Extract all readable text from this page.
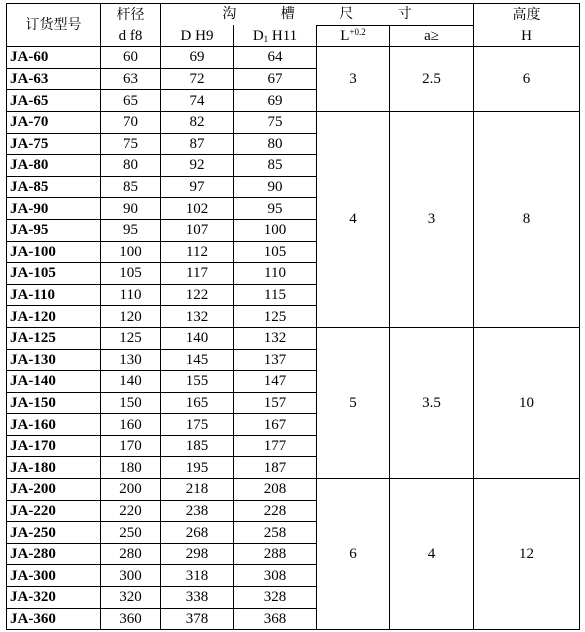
订货型号	杆径	沟 槽 尺 寸				高度
	d f8	D H9	$D_1$ H11	$L^{+0.2}$	a≥	H
JA-60	60	69	64	3	2.5	6
JA-63	63	72	67			
JA-65	65	74	69			
JA-70	70	82	75	4	3	8
JA-75	75	87	80			
JA-80	80	92	85			
JA-85	85	97	90			
JA-90	90	102	95			
JA-95	95	107	100			
JA-100	100	112	105			
JA-105	105	117	110			
JA-110	110	122	115			
JA-120	120	132	125			
JA-125	125	140	132	5	3.5	10
JA-130	130	145	137			
JA-140	140	155	147			
JA-150	150	165	157			
JA-160	160	175	167			
JA-170	170	185	177			
JA-180	180	195	187			
JA-200	200	218	208	6	4	12
JA-220	220	238	228			
JA-250	250	268	258			
JA-280	280	298	288			
JA-300	300	318	308			
JA-320	320	338	328			
JA-360	360	378	368			
